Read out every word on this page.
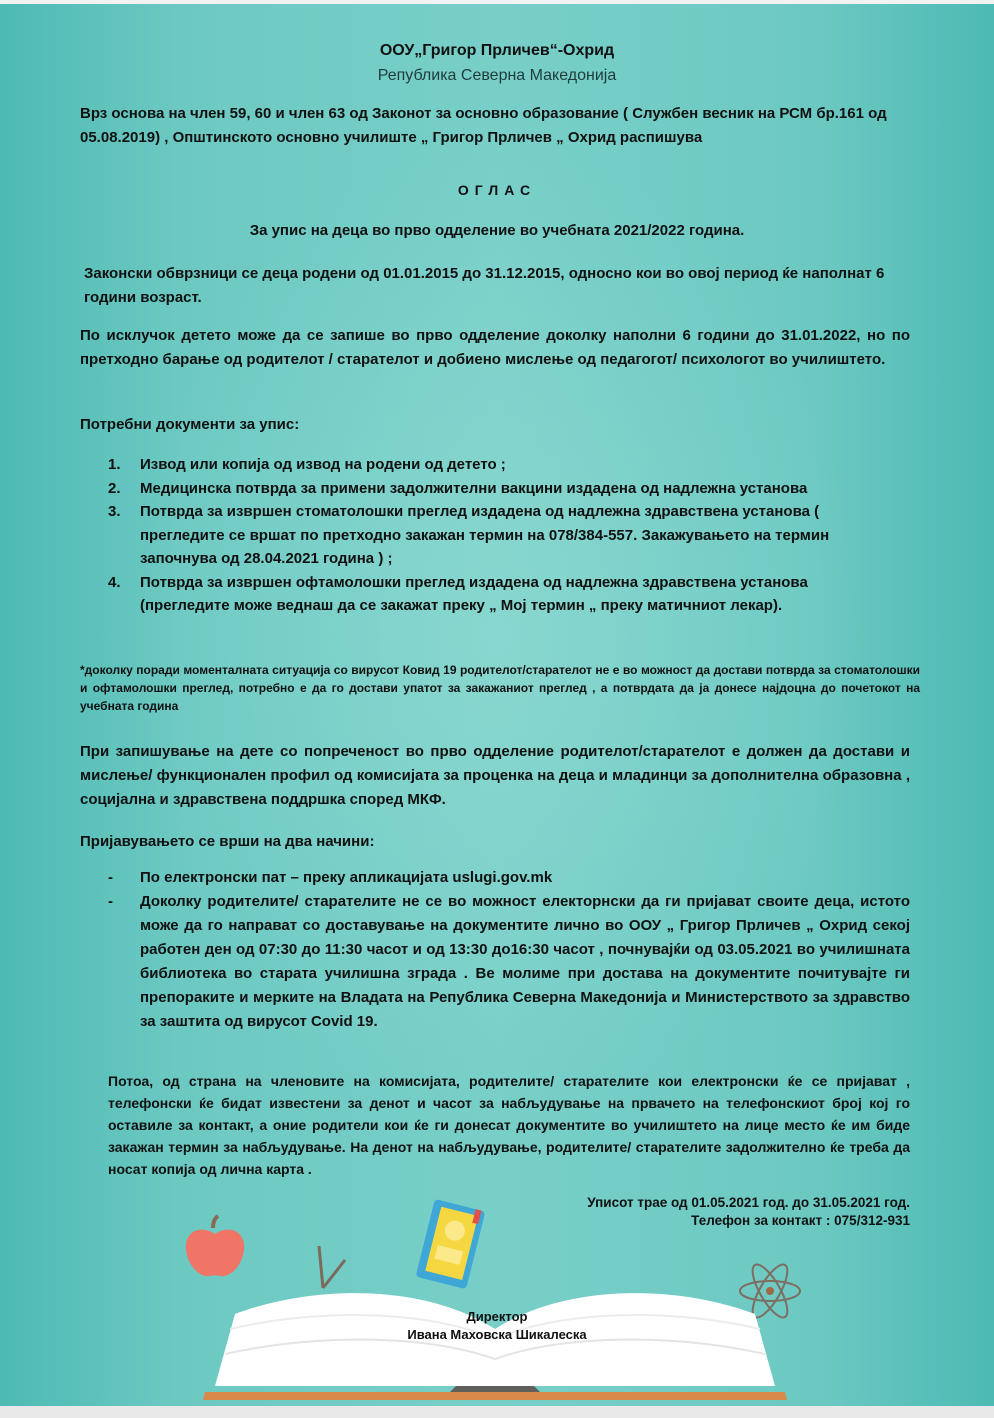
ООУ„Григор Прличев“-Охрид
Република Северна Македонија
Врз основа на член 59, 60 и член 63 од Законот за основно образование ( Службен весник на РСМ бр.161 од 05.08.2019) , Општинското основно училиште „ Григор Прличев „ Охрид распишува
ОГЛАС
За упис на деца во прво одделение во учебната 2021/2022 година.
Законски обврзници се деца родени од 01.01.2015 до 31.12.2015, односно кои во овој период ќе наполнат 6 години возраст.
По исклучок детето може да се запише во прво одделение доколку наполни 6 години до 31.01.2022, но по претходно барање од родителот / старателот и добиено мислење од педагогот/ психологот во училиштето.
Потребни документи за упис:
1.	Извод или копија од извод на родени од детето ;
2.	Медицинска потврда за примени задолжителни вакцини издадена од надлежна установа
3.	Потврда за извршен стоматолошки преглед издадена од надлежна здравствена установа ( прегледите се вршат по претходно закажан термин на 078/384-557. Закажувањето на термин започнува од 28.04.2021 година ) ;
4.	Потврда за извршен офтамолошки преглед издадена од надлежна здравствена установа (прегледите може веднаш да се закажат преку „ Мој термин „ преку матичниот лекар).
*доколку поради моменталната ситуација со вирусот Ковид 19 родителот/старателот не е во можност да достави потврда за стоматолошки и офтамолошки преглед, потребно е да го достави упатот за закажаниот преглед , а потврдата да ја донесе најдоцна до почетокот на учебната година
При запишување на дете со попреченост во прво одделение родителот/старателот е должен да достави и мислење/ функционален профил од комисијата за проценка на деца и младинци за дополнителна образовна , социјална и здравствена поддршка според МКФ.
Пријавувањето се врши на два начини:
-	По електронски пат – преку апликацијата uslugi.gov.mk
-	Доколку родителите/ старателите не се во можност електорнски да ги пријават своите деца, истото може да го направат со доставување на документите лично во ООУ „ Григор Прличев „ Охрид секој работен ден од 07:30 до 11:30 часот и од 13:30 до16:30 часот , почнувајќи од 03.05.2021 во училишната библиотека во старата училишна зграда . Ве молиме при достава на документите почитувајте ги препораките и мерките на Владата на Република Северна Македонија и Министерството за здравство за заштита од вирусот Covid 19.
Потоа, од страна на членовите на комисијата, родителите/ старателите кои електронски ќе се пријават , телефонски ќе бидат известени за денот и часот за набљудување на првачето на телефонскиот број кој го оставиле за контакт, а оние родители кои ќе ги донесат документите во училиштето на лице место ќе им биде закажан термин за набљудување. На денот на набљудување, родителите/ старателите задолжително ќе треба да носат копија од лична карта .
Уписот трае од 01.05.2021 год. до 31.05.2021 год.
Телефон за контакт : 075/312-931
Директор
Ивана Маховска Шикалеска
